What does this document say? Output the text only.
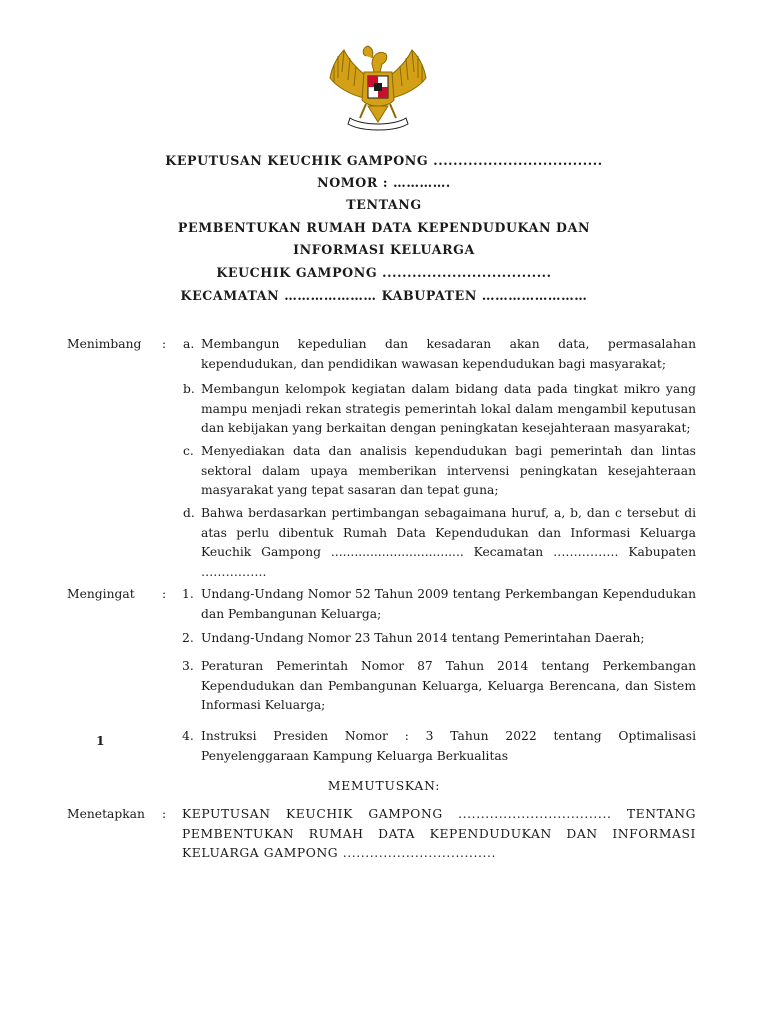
KEPUTUSAN KEUCHIK GAMPONG ..................................
NOMOR : ………….
TENTANG
PEMBENTUKAN RUMAH DATA KEPENDUDUKAN DAN
INFORMASI KELUARGA
KEUCHIK GAMPONG ..................................
KECAMATAN ………………… KABUPATEN ……………………
Menimbang : a. Membangun kepedulian dan kesadaran akan data, permasalahan kependudukan, dan pendidikan wawasan kependudukan bagi masyarakat;
b. Membangun kelompok kegiatan dalam bidang data pada tingkat mikro yang mampu menjadi rekan strategis pemerintah lokal dalam mengambil keputusan dan kebijakan yang berkaitan dengan peningkatan kesejahteraan masyarakat;
c. Menyediakan data dan analisis kependudukan bagi pemerintah dan lintas sektoral dalam upaya memberikan intervensi peningkatan kesejahteraan masyarakat yang tepat sasaran dan tepat guna;
d. Bahwa berdasarkan pertimbangan sebagaimana huruf, a, b, dan c tersebut di atas perlu dibentuk Rumah Data Kependudukan dan Informasi Keluarga Keuchik Gampong .................................. Kecamatan ……………. Kabupaten …………….
Mengingat : 1. Undang-Undang Nomor 52 Tahun 2009 tentang Perkembangan Kependudukan dan Pembangunan Keluarga;
2. Undang-Undang Nomor 23 Tahun 2014 tentang Pemerintahan Daerah;
3. Peraturan Pemerintah Nomor 87 Tahun 2014 tentang Perkembangan Kependudukan dan Pembangunan Keluarga, Keluarga Berencana, dan Sistem Informasi Keluarga;
1	4. Instruksi Presiden Nomor : 3 Tahun 2022 tentang Optimalisasi Penyelenggaraan Kampung Keluarga Berkualitas
MEMUTUSKAN:
Menetapkan : KEPUTUSAN KEUCHIK GAMPONG .................................. TENTANG PEMBENTUKAN RUMAH DATA KEPENDUDUKAN DAN INFORMASI KELUARGA GAMPONG ..................................
